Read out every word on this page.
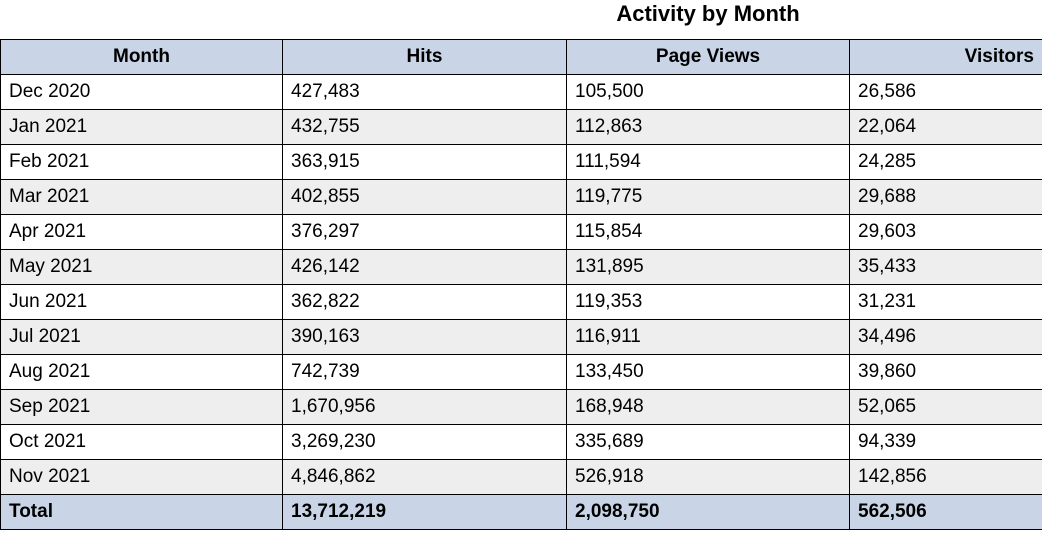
Activity by Month
Month	Hits	Page Views	Visitors
Dec 2020	427,483	105,500	26,586
Jan 2021	432,755	112,863	22,064
Feb 2021	363,915	111,594	24,285
Mar 2021	402,855	119,775	29,688
Apr 2021	376,297	115,854	29,603
May 2021	426,142	131,895	35,433
Jun 2021	362,822	119,353	31,231
Jul 2021	390,163	116,911	34,496
Aug 2021	742,739	133,450	39,860
Sep 2021	1,670,956	168,948	52,065
Oct 2021	3,269,230	335,689	94,339
Nov 2021	4,846,862	526,918	142,856
Total	13,712,219	2,098,750	562,506
